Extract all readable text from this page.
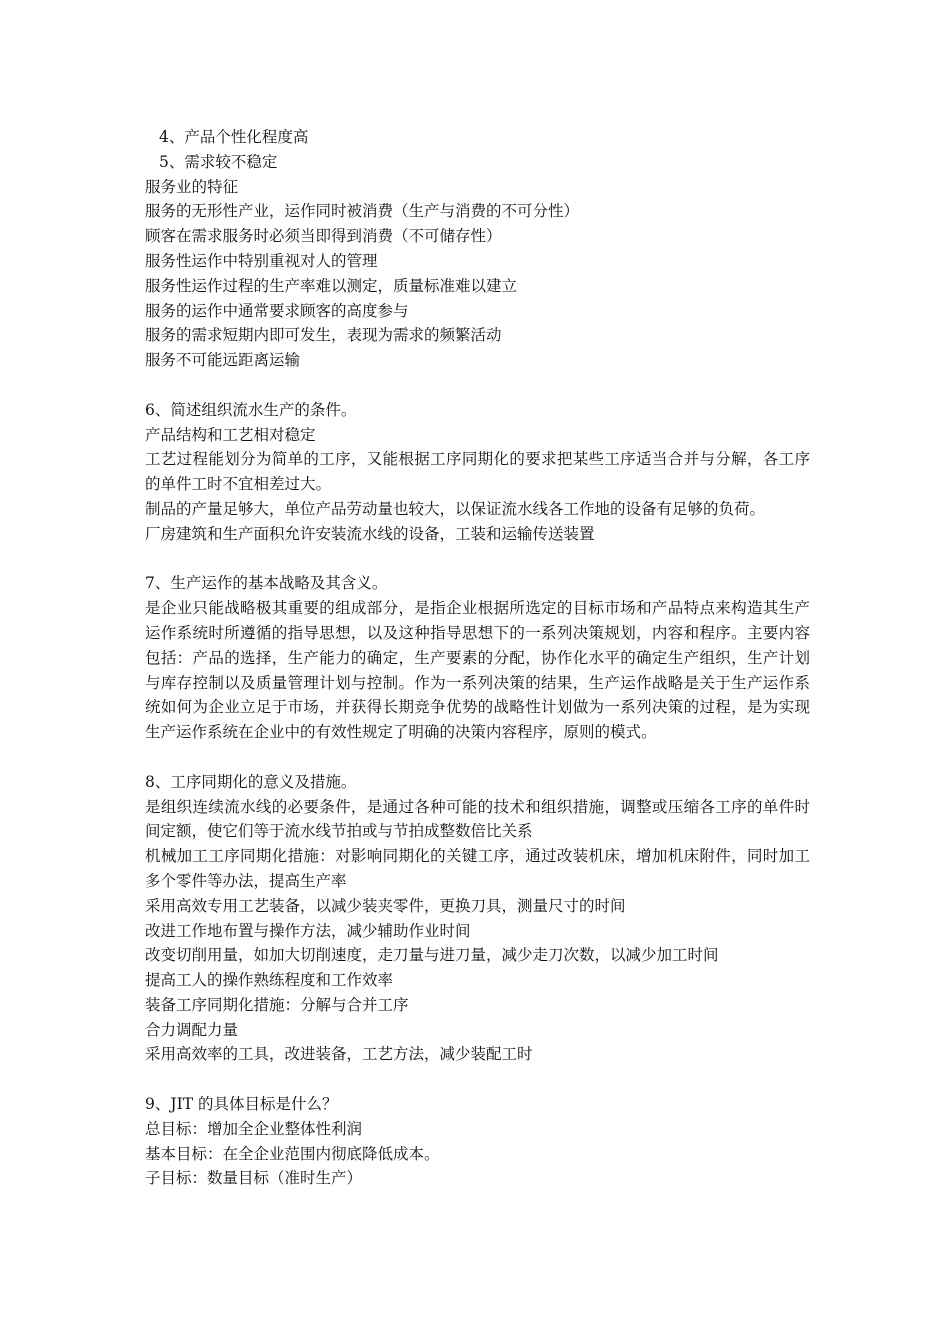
4、产品个性化程度高
5、需求较不稳定
服务业的特征
服务的无形性产业，运作同时被消费（生产与消费的不可分性）
顾客在需求服务时必须当即得到消费（不可储存性）
服务性运作中特别重视对人的管理
服务性运作过程的生产率难以测定，质量标准难以建立
服务的运作中通常要求顾客的高度参与
服务的需求短期内即可发生，表现为需求的频繁活动
服务不可能远距离运输
6、简述组织流水生产的条件。
产品结构和工艺相对稳定
工艺过程能划分为简单的工序，又能根据工序同期化的要求把某些工序适当合并与分解，各工序的单件工时不宜相差过大。
制品的产量足够大，单位产品劳动量也较大，以保证流水线各工作地的设备有足够的负荷。
厂房建筑和生产面积允许安装流水线的设备，工装和运输传送装置
7、生产运作的基本战略及其含义。
是企业只能战略极其重要的组成部分，是指企业根据所选定的目标市场和产品特点来构造其生产运作系统时所遵循的指导思想，以及这种指导思想下的一系列决策规划，内容和程序。主要内容包括：产品的选择，生产能力的确定，生产要素的分配，协作化水平的确定生产组织，生产计划与库存控制以及质量管理计划与控制。作为一系列决策的结果，生产运作战略是关于生产运作系统如何为企业立足于市场，并获得长期竞争优势的战略性计划做为一系列决策的过程，是为实现生产运作系统在企业中的有效性规定了明确的决策内容程序，原则的模式。
8、工序同期化的意义及措施。
是组织连续流水线的必要条件，是通过各种可能的技术和组织措施，调整或压缩各工序的单件时间定额，使它们等于流水线节拍或与节拍成整数倍比关系
机械加工工序同期化措施：对影响同期化的关键工序，通过改装机床，增加机床附件，同时加工多个零件等办法，提高生产率
采用高效专用工艺装备，以减少装夹零件，更换刀具，测量尺寸的时间
改进工作地布置与操作方法，减少辅助作业时间
改变切削用量，如加大切削速度，走刀量与进刀量，减少走刀次数，以减少加工时间
提高工人的操作熟练程度和工作效率
装备工序同期化措施：分解与合并工序
合力调配力量
采用高效率的工具，改进装备，工艺方法，减少装配工时
9、JIT 的具体目标是什么？
总目标：增加全企业整体性利润
基本目标：在全企业范围内彻底降低成本。
子目标：数量目标（准时生产）
